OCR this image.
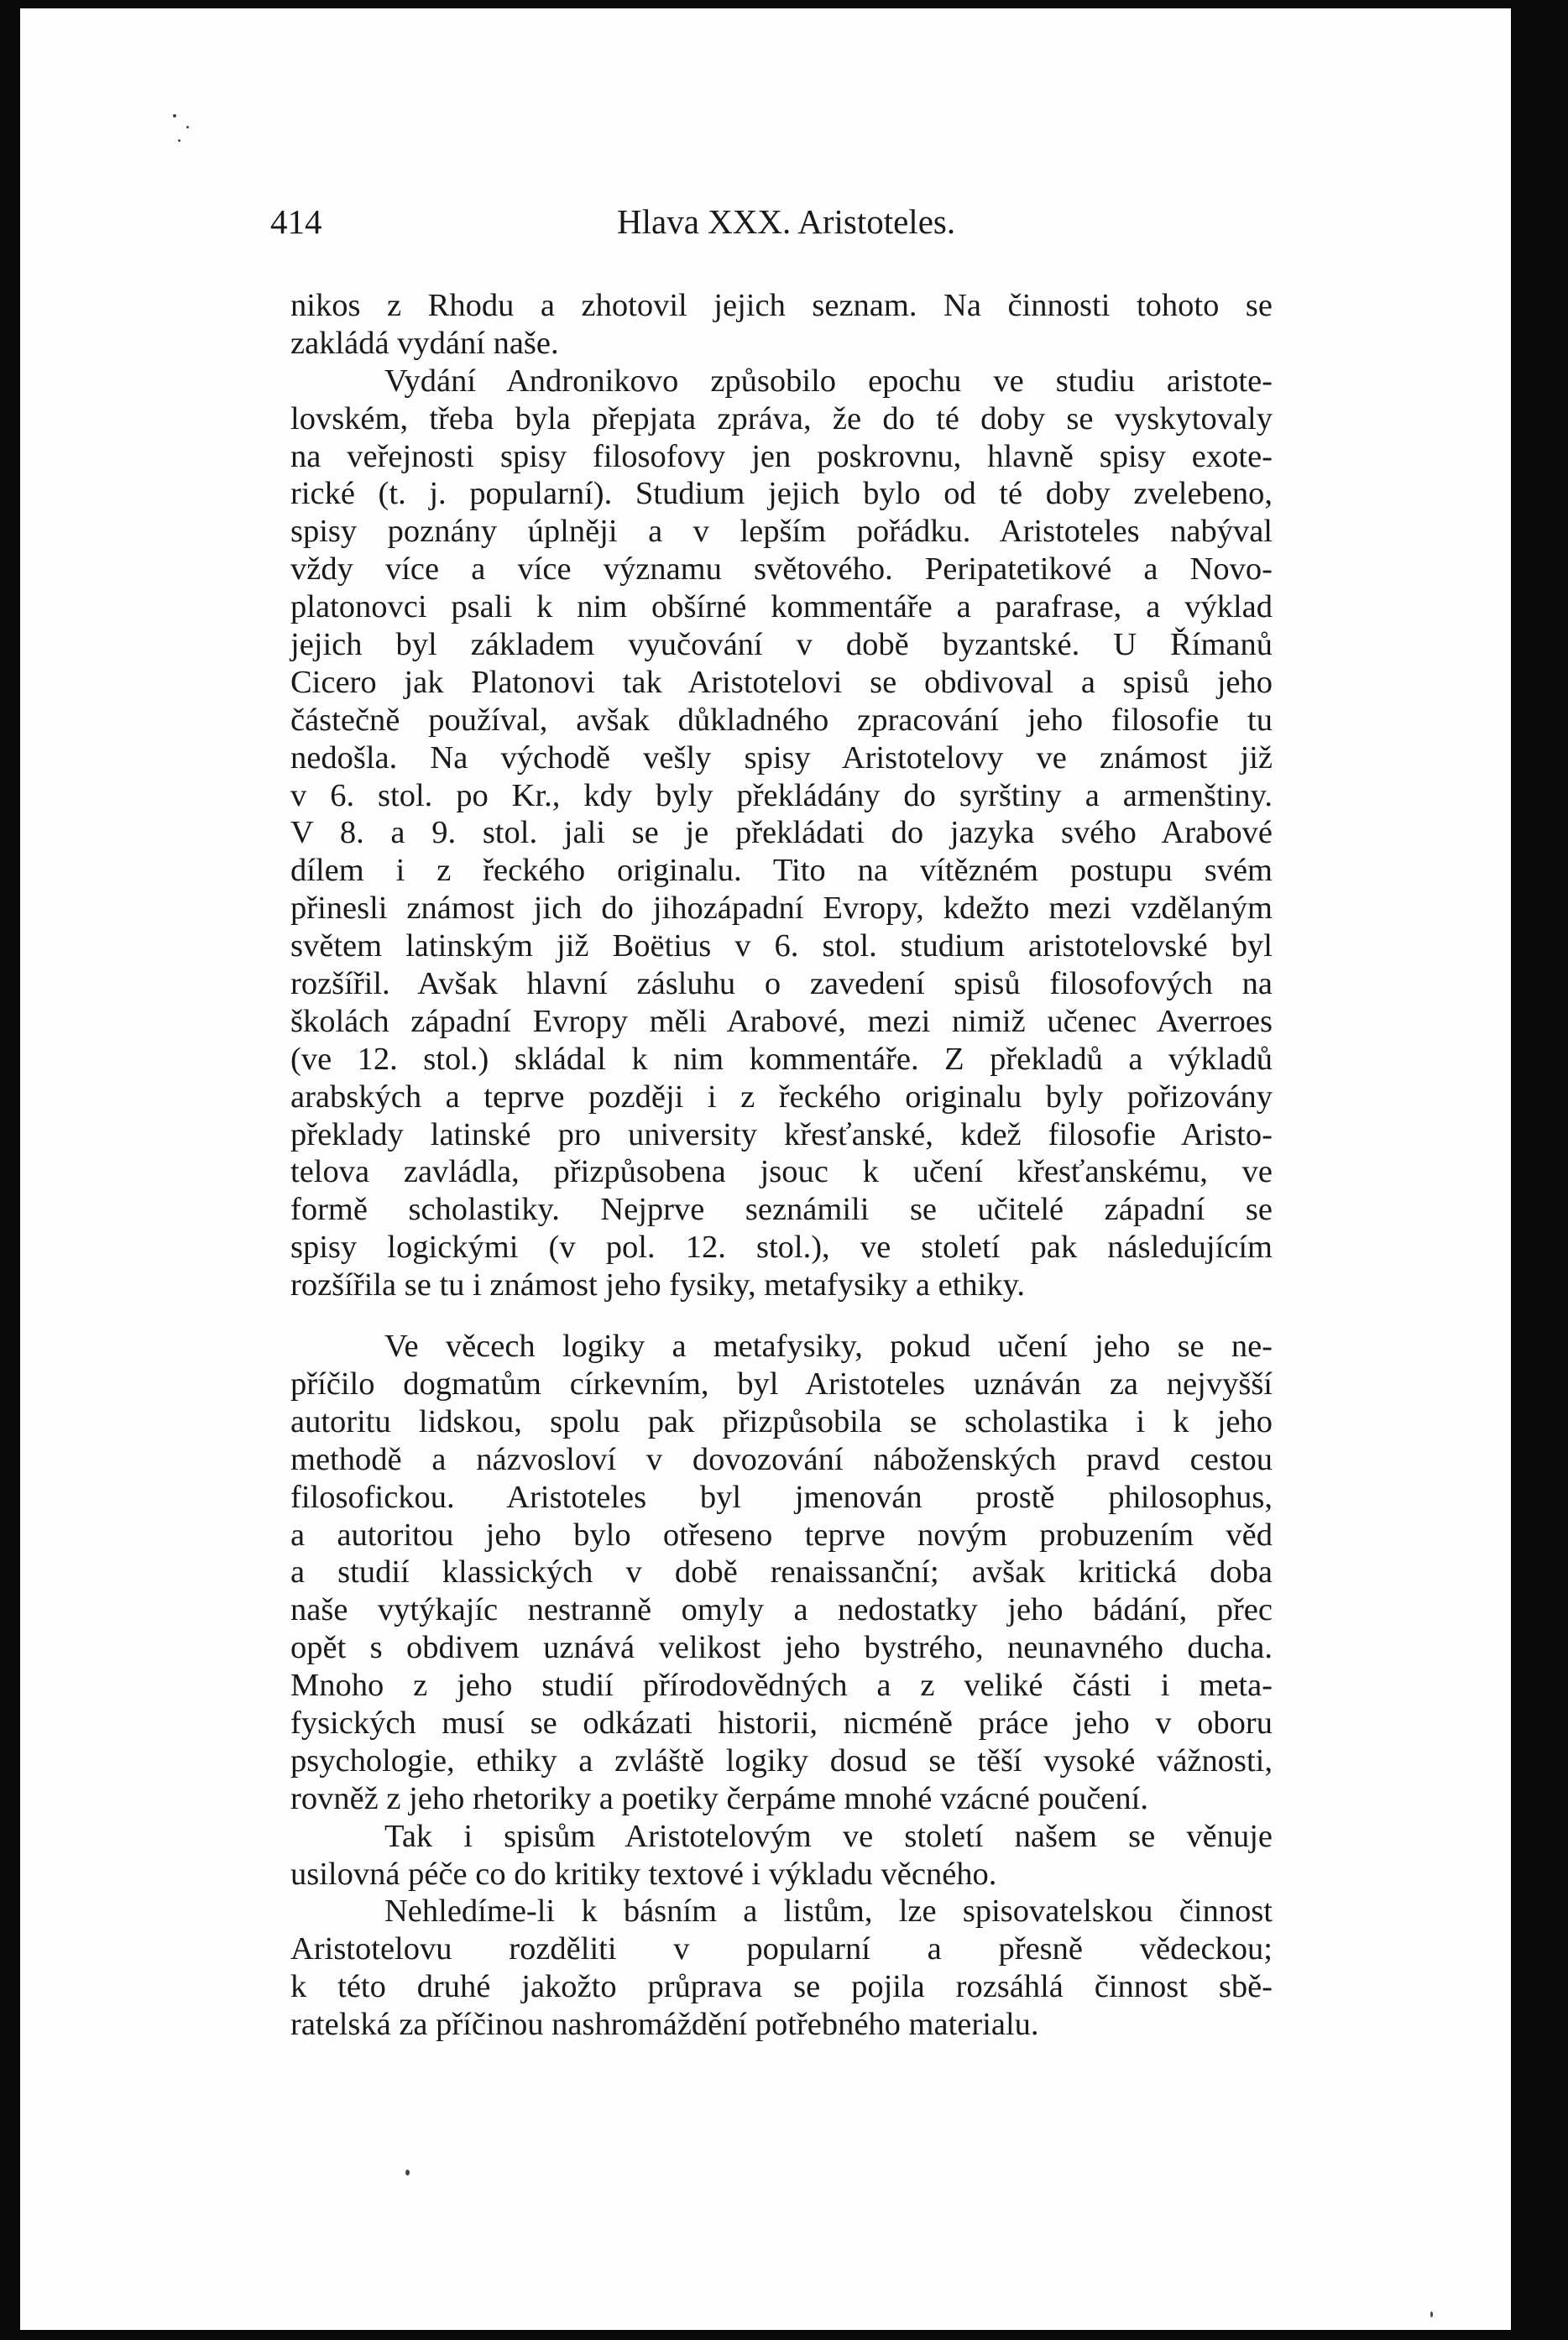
414	Hlava XXX. Aristoteles.
nikos z Rhodu a zhotovil jejich seznam. Na činnosti tohoto se
zakládá vydání naše.
Vydání Andronikovo způsobilo epochu ve studiu aristote-
lovském, třeba byla přepjata zpráva, že do té doby se vyskytovaly
na veřejnosti spisy filosofovy jen poskrovnu, hlavně spisy exote-
rické (t. j. popularní). Studium jejich bylo od té doby zvelebeno,
spisy poznány úplněji a v lepším pořádku. Aristoteles nabýval
vždy více a více významu světového. Peripatetikové a Novo-
platonovci psali k nim obšírné kommentáře a parafrase, a výklad
jejich byl základem vyučování v době byzantské. U Římanů
Cicero jak Platonovi tak Aristotelovi se obdivoval a spisů jeho
částečně používal, avšak důkladného zpracování jeho filosofie tu
nedošla. Na východě vešly spisy Aristotelovy ve známost již
v 6. stol. po Kr., kdy byly překládány do syrštiny a armenštiny.
V 8. a 9. stol. jali se je překládati do jazyka svého Arabové
dílem i z řeckého originalu. Tito na vítězném postupu svém
přinesli známost jich do jihozápadní Evropy, kdežto mezi vzdělaným
světem latinským již Boëtius v 6. stol. studium aristotelovské byl
rozšířil. Avšak hlavní zásluhu o zavedení spisů filosofových na
školách západní Evropy měli Arabové, mezi nimiž učenec Averroes
(ve 12. stol.) skládal k nim kommentáře. Z překladů a výkladů
arabských a teprve později i z řeckého originalu byly pořizovány
překlady latinské pro university křesťanské, kdež filosofie Aristo-
telova zavládla, přizpůsobena jsouc k učení křesťanskému, ve
formě scholastiky. Nejprve seznámili se učitelé západní se
spisy logickými (v pol. 12. stol.), ve století pak následujícím
rozšířila se tu i známost jeho fysiky, metafysiky a ethiky.
Ve věcech logiky a metafysiky, pokud učení jeho se ne-
příčilo dogmatům církevním, byl Aristoteles uznáván za nejvyšší
autoritu lidskou, spolu pak přizpůsobila se scholastika i k jeho
methodě a názvosloví v dovozování náboženských pravd cestou
filosofickou. Aristoteles byl jmenován prostě philosophus,
a autoritou jeho bylo otřeseno teprve novým probuzením věd
a studií klassických v době renaissanční; avšak kritická doba
naše vytýkajíc nestranně omyly a nedostatky jeho bádání, přec
opět s obdivem uznává velikost jeho bystrého, neunavného ducha.
Mnoho z jeho studií přírodovědných a z veliké části i meta-
fysických musí se odkázati historii, nicméně práce jeho v oboru
psychologie, ethiky a zvláště logiky dosud se těší vysoké vážnosti,
rovněž z jeho rhetoriky a poetiky čerpáme mnohé vzácné poučení.
Tak i spisům Aristotelovým ve století našem se věnuje
usilovná péče co do kritiky textové i výkladu věcného.
Nehledíme-li k básním a listům, lze spisovatelskou činnost
Aristotelovu rozděliti v popularní a přesně vědeckou;
k této druhé jakožto průprava se pojila rozsáhlá činnost sbě-
ratelská za příčinou nashromáždění potřebného materialu.
